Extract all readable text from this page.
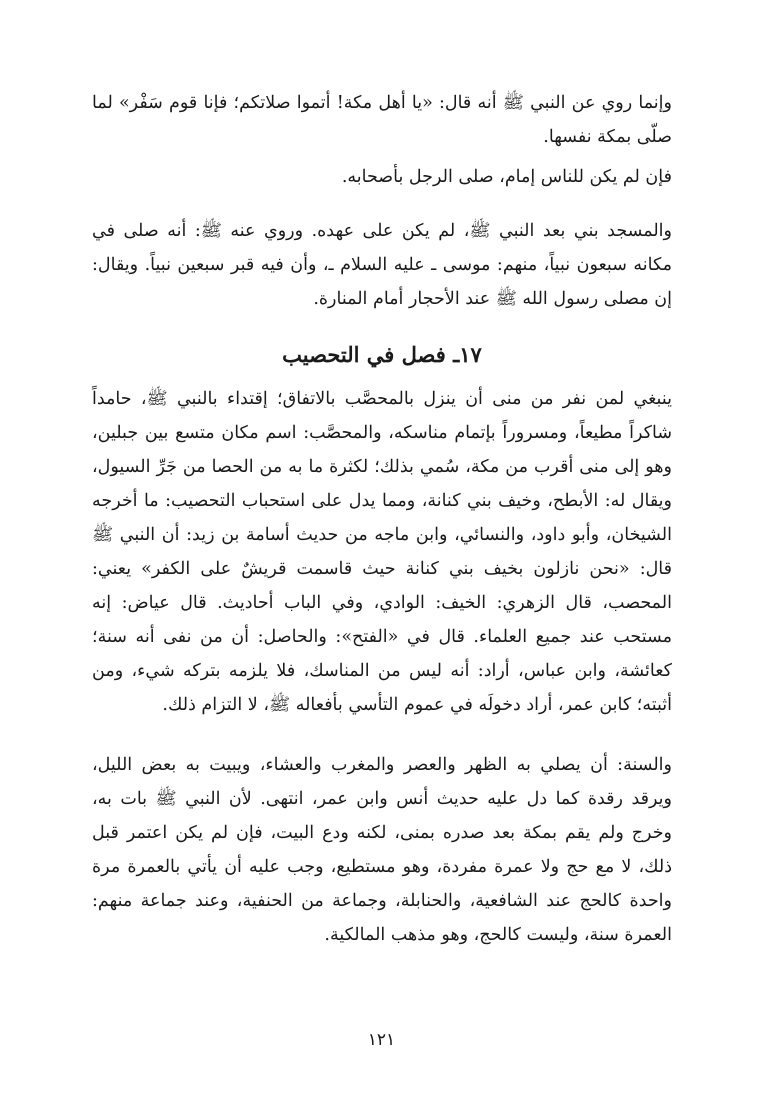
وإنما روي عن النبي ﷺ أنه قال: «يا أهل مكة! أتموا صلاتكم؛ فإنا قوم سَفْر» لما صلّى بمكة نفسها.

فإن لم يكن للناس إمام، صلى الرجل بأصحابه.

والمسجد بني بعد النبي ﷺ، لم يكن على عهده. وروي عنه ﷺ: أنه صلى في مكانه سبعون نبياً، منهم: موسى ـ عليه السلام ـ، وأن فيه قبر سبعين نبياً. ويقال: إن مصلى رسول الله ﷺ عند الأحجار أمام المنارة.

١٧ـ فصل في التحصيب

ينبغي لمن نفر من منى أن ينزل بالمحصَّب بالاتفاق؛ إقتداء بالنبي ﷺ، حامداً شاكراً مطيعاً، ومسروراً بإتمام مناسكه، والمحصَّب: اسم مكان متسع بين جبلين، وهو إلى منى أقرب من مكة، سُمي بذلك؛ لكثرة ما به من الحصا من جَرِّ السيول، ويقال له: الأبطح، وخيف بني كنانة، ومما يدل على استحباب التحصيب: ما أخرجه الشيخان، وأبو داود، والنسائي، وابن ماجه من حديث أسامة بن زيد: أن النبي ﷺ قال: «نحن نازلون بخيف بني كنانة حيث قاسمت قريشٌ على الكفر» يعني: المحصب، قال الزهري: الخيف: الوادي، وفي الباب أحاديث. قال عياض: إنه مستحب عند جميع العلماء. قال في «الفتح»: والحاصل: أن من نفى أنه سنة؛ كعائشة، وابن عباس، أراد: أنه ليس من المناسك، فلا يلزمه بتركه شيء، ومن أثبته؛ كابن عمر، أراد دخولَه في عموم التأسي بأفعاله ﷺ، لا التزام ذلك.

والسنة: أن يصلي به الظهر والعصر والمغرب والعشاء، ويبيت به بعض الليل، ويرقد رقدة كما دل عليه حديث أنس وابن عمر، انتهى. لأن النبي ﷺ بات به، وخرج ولم يقم بمكة بعد صدره بمنى، لكنه ودع البيت، فإن لم يكن اعتمر قبل ذلك، لا مع حج ولا عمرة مفردة، وهو مستطيع، وجب عليه أن يأتي بالعمرة مرة واحدة كالحج عند الشافعية، والحنابلة، وجماعة من الحنفية، وعند جماعة منهم: العمرة سنة، وليست كالحج، وهو مذهب المالكية.

١٢١
